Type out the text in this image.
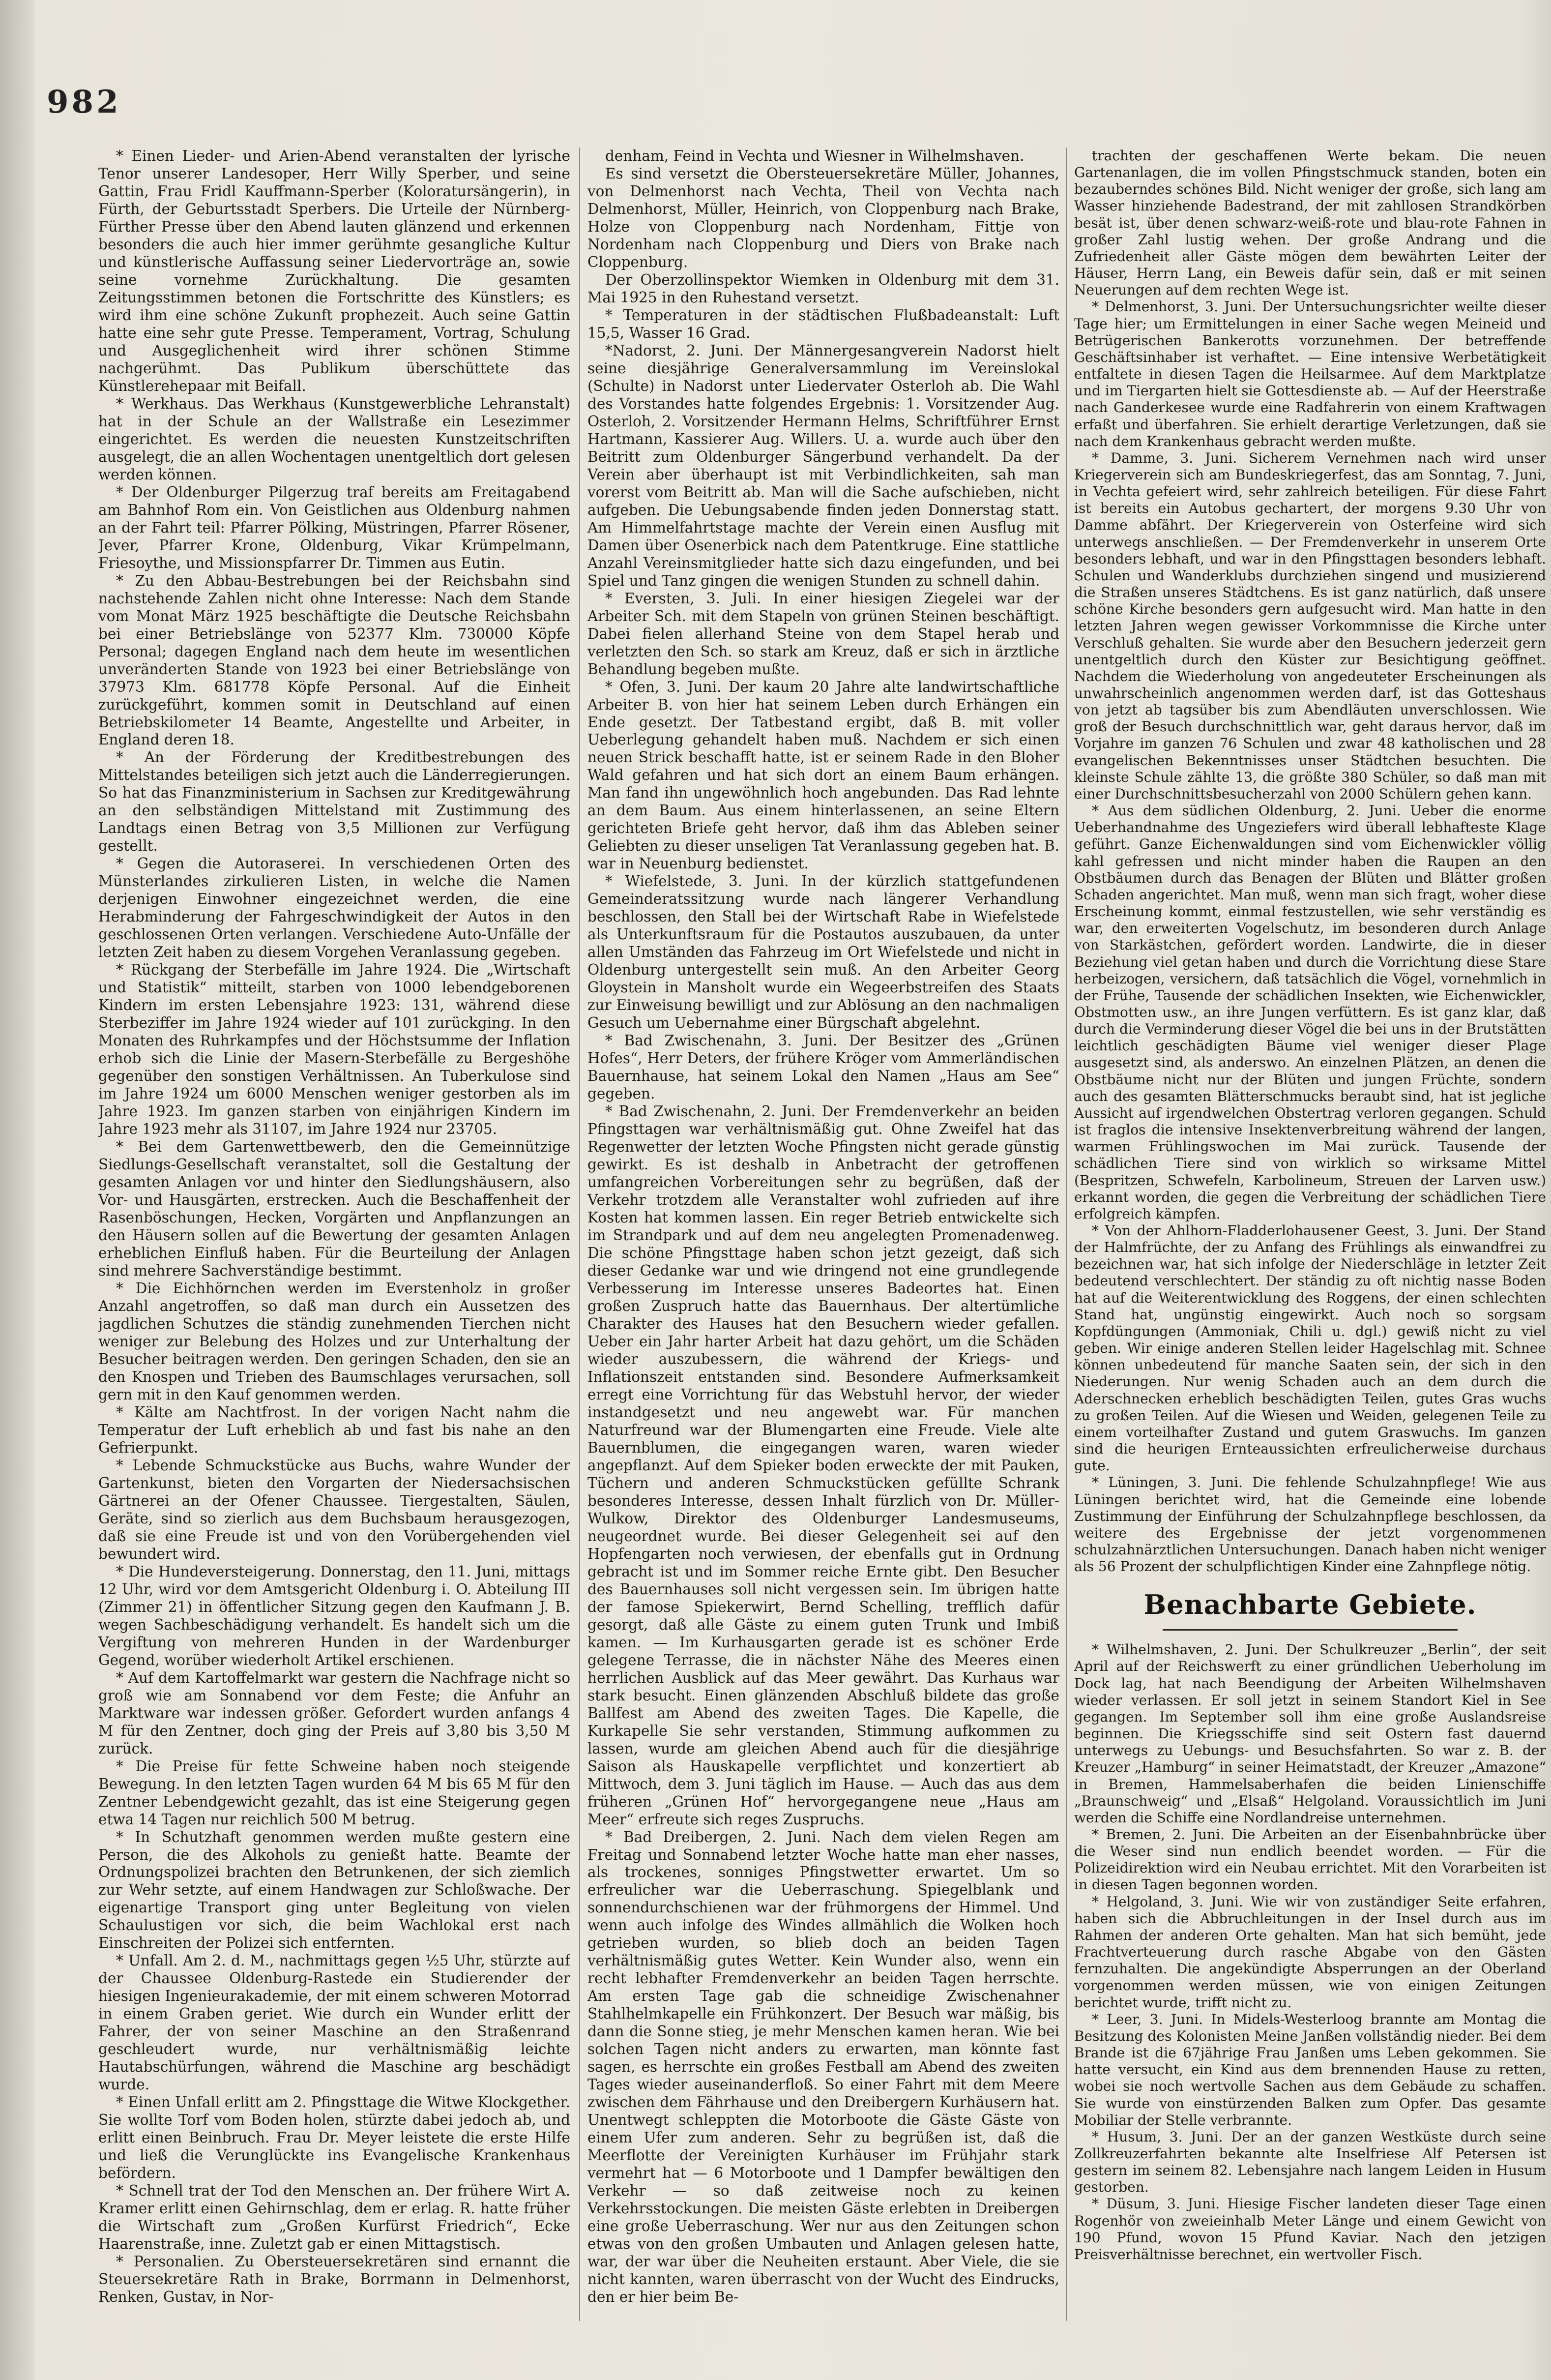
982

* Einen Lieder- und Arien-Abend veranstalten der lyrische Tenor unserer Landesoper, Herr Willy Sperber, und seine Gattin, Frau Fridl Kauffmann-Sperber (Koloratursängerin), in Fürth, der Geburtsstadt Sperbers. Die Urteile der Nürnberg-Fürther Presse über den Abend lauten glänzend und erkennen besonders die auch hier immer gerühmte gesangliche Kultur und künstlerische Auffassung seiner Liedervorträge an, sowie seine vornehme Zurückhaltung. Die gesamten Zeitungsstimmen betonen die Fortschritte des Künstlers; es wird ihm eine schöne Zukunft prophezeit. Auch seine Gattin hatte eine sehr gute Presse. Temperament, Vortrag, Schulung und Ausgeglichenheit wird ihrer schönen Stimme nachgerühmt. Das Publikum überschüttete das Künstlerehepaar mit Beifall.

* Werkhaus. Das Werkhaus (Kunstgewerbliche Lehranstalt) hat in der Schule an der Wallstraße ein Lesezimmer eingerichtet. Es werden die neuesten Kunstzeitschriften ausgelegt, die an allen Wochentagen unentgeltlich dort gelesen werden können.

* Der Oldenburger Pilgerzug traf bereits am Freitagabend am Bahnhof Rom ein. Von Geistlichen aus Oldenburg nahmen an der Fahrt teil: Pfarrer Pölking, Müstringen, Pfarrer Rösener, Jever, Pfarrer Krone, Oldenburg, Vikar Krümpelmann, Friesoythe, und Missionspfarrer Dr. Timmen aus Eutin.

* Zu den Abbau-Bestrebungen bei der Reichsbahn sind nachstehende Zahlen nicht ohne Interesse: Nach dem Stande vom Monat März 1925 beschäftigte die Deutsche Reichsbahn bei einer Betriebslänge von 52377 Klm. 730000 Köpfe Personal; dagegen England nach dem heute im wesentlichen unveränderten Stande von 1923 bei einer Betriebslänge von 37973 Klm. 681778 Köpfe Personal. Auf die Einheit zurückgeführt, kommen somit in Deutschland auf einen Betriebskilometer 14 Beamte, Angestellte und Arbeiter, in England deren 18.

* An der Förderung der Kreditbestrebungen des Mittelstandes beteiligen sich jetzt auch die Länderregierungen. So hat das Finanzministerium in Sachsen zur Kreditgewährung an den selbständigen Mittelstand mit Zustimmung des Landtags einen Betrag von 3,5 Millionen zur Verfügung gestellt.

* Gegen die Autoraserei. In verschiedenen Orten des Münsterlandes zirkulieren Listen, in welche die Namen derjenigen Einwohner eingezeichnet werden, die eine Herabminderung der Fahrgeschwindigkeit der Autos in den geschlossenen Orten verlangen. Verschiedene Auto-Unfälle der letzten Zeit haben zu diesem Vorgehen Veranlassung gegeben.

* Rückgang der Sterbefälle im Jahre 1924. Die „Wirtschaft und Statistik“ mitteilt, starben von 1000 lebendgeborenen Kindern im ersten Lebensjahre 1923: 131, während diese Sterbeziffer im Jahre 1924 wieder auf 101 zurückging. In den Monaten des Ruhrkampfes und der Höchstsumme der Inflation erhob sich die Linie der Masern-Sterbefälle zu Bergeshöhe gegenüber den sonstigen Verhältnissen. An Tuberkulose sind im Jahre 1924 um 6000 Menschen weniger gestorben als im Jahre 1923. Im ganzen starben von einjährigen Kindern im Jahre 1923 mehr als 31107, im Jahre 1924 nur 23705.

* Bei dem Gartenwettbewerb, den die Gemeinnützige Siedlungs-Gesellschaft veranstaltet, soll die Gestaltung der gesamten Anlagen vor und hinter den Siedlungshäusern, also Vor- und Hausgärten, erstrecken. Auch die Beschaffenheit der Rasenböschungen, Hecken, Vorgärten und Anpflanzungen an den Häusern sollen auf die Bewertung der gesamten Anlagen erheblichen Einfluß haben. Für die Beurteilung der Anlagen sind mehrere Sachverständige bestimmt.

* Die Eichhörnchen werden im Everstenholz in großer Anzahl angetroffen, so daß man durch ein Aussetzen des jagdlichen Schutzes die ständig zunehmenden Tierchen nicht weniger zur Belebung des Holzes und zur Unterhaltung der Besucher beitragen werden. Den geringen Schaden, den sie an den Knospen und Trieben des Baumschlages verursachen, soll gern mit in den Kauf genommen werden.

* Kälte am Nachtfrost. In der vorigen Nacht nahm die Temperatur der Luft erheblich ab und fast bis nahe an den Gefrierpunkt.

* Lebende Schmuckstücke aus Buchs, wahre Wunder der Gartenkunst, bieten den Vorgarten der Niedersachsischen Gärtnerei an der Ofener Chaussee. Tiergestalten, Säulen, Geräte, sind so zierlich aus dem Buchsbaum herausgezogen, daß sie eine Freude ist und von den Vorübergehenden viel bewundert wird.

* Die Hundeversteigerung. Donnerstag, den 11. Juni, mittags 12 Uhr, wird vor dem Amtsgericht Oldenburg i. O. Abteilung III (Zimmer 21) in öffentlicher Sitzung gegen den Kaufmann J. B. wegen Sachbeschädigung verhandelt. Es handelt sich um die Vergiftung von mehreren Hunden in der Wardenburger Gegend, worüber wiederholt Artikel erschienen.

* Auf dem Kartoffelmarkt war gestern die Nachfrage nicht so groß wie am Sonnabend vor dem Feste; die Anfuhr an Marktware war indessen größer. Gefordert wurden anfangs 4 M für den Zentner, doch ging der Preis auf 3,80 bis 3,50 M zurück.

* Die Preise für fette Schweine haben noch steigende Bewegung. In den letzten Tagen wurden 64 M bis 65 M für den Zentner Lebendgewicht gezahlt, das ist eine Steigerung gegen etwa 14 Tagen nur reichlich 500 M betrug.

* In Schutzhaft genommen werden mußte gestern eine Person, die des Alkohols zu genießt hatte. Beamte der Ordnungspolizei brachten den Betrunkenen, der sich ziemlich zur Wehr setzte, auf einem Handwagen zur Schloßwache. Der eigenartige Transport ging unter Begleitung von vielen Schaulustigen vor sich, die beim Wachlokal erst nach Einschreiten der Polizei sich entfernten.

* Unfall. Am 2. d. M., nachmittags gegen ½5 Uhr, stürzte auf der Chaussee Oldenburg-Rastede ein Studierender der hiesigen Ingenieurakademie, der mit einem schweren Motorrad in einem Graben geriet. Wie durch ein Wunder erlitt der Fahrer, der von seiner Maschine an den Straßenrand geschleudert wurde, nur verhältnismäßig leichte Hautabschürfungen, während die Maschine arg beschädigt wurde.

* Einen Unfall erlitt am 2. Pfingsttage die Witwe Klockgether. Sie wollte Torf vom Boden holen, stürzte dabei jedoch ab, und erlitt einen Beinbruch. Frau Dr. Meyer leistete die erste Hilfe und ließ die Verunglückte ins Evangelische Krankenhaus befördern.

* Schnell trat der Tod den Menschen an. Der frühere Wirt A. Kramer erlitt einen Gehirnschlag, dem er erlag. R. hatte früher die Wirtschaft zum „Großen Kurfürst Friedrich“, Ecke Haarenstraße, inne. Zuletzt gab er einen Mittagstisch.

* Personalien. Zu Obersteuersekretären sind ernannt die Steuersekretäre Rath in Brake, Borrmann in Delmenhorst, Renken, Gustav, in Nor-

denham, Feind in Vechta und Wiesner in Wilhelmshaven.

Es sind versetzt die Obersteuersekretäre Müller, Johannes, von Delmenhorst nach Vechta, Theil von Vechta nach Delmenhorst, Müller, Heinrich, von Cloppenburg nach Brake, Holze von Cloppenburg nach Nordenham, Fittje von Nordenham nach Cloppenburg und Diers von Brake nach Cloppenburg.

Der Oberzollinspektor Wiemken in Oldenburg mit dem 31. Mai 1925 in den Ruhestand versetzt.

* Temperaturen in der städtischen Flußbadeanstalt: Luft 15,5, Wasser 16 Grad.

*Nadorst, 2. Juni. Der Männergesangverein Nadorst hielt seine diesjährige Generalversammlung im Vereinslokal (Schulte) in Nadorst unter Liedervater Osterloh ab. Die Wahl des Vorstandes hatte folgendes Ergebnis: 1. Vorsitzender Aug. Osterloh, 2. Vorsitzender Hermann Helms, Schriftführer Ernst Hartmann, Kassierer Aug. Willers. U. a. wurde auch über den Beitritt zum Oldenburger Sängerbund verhandelt. Da der Verein aber überhaupt ist mit Verbindlichkeiten, sah man vorerst vom Beitritt ab. Man will die Sache aufschieben, nicht aufgeben. Die Uebungsabende finden jeden Donnerstag statt. Am Himmelfahrtstage machte der Verein einen Ausflug mit Damen über Osenerbick nach dem Patentkruge. Eine stattliche Anzahl Vereinsmitglieder hatte sich dazu eingefunden, und bei Spiel und Tanz gingen die wenigen Stunden zu schnell dahin.

* Eversten, 3. Juli. In einer hiesigen Ziegelei war der Arbeiter Sch. mit dem Stapeln von grünen Steinen beschäftigt. Dabei fielen allerhand Steine von dem Stapel herab und verletzten den Sch. so stark am Kreuz, daß er sich in ärztliche Behandlung begeben mußte.

* Ofen, 3. Juni. Der kaum 20 Jahre alte landwirtschaftliche Arbeiter B. von hier hat seinem Leben durch Erhängen ein Ende gesetzt. Der Tatbestand ergibt, daß B. mit voller Ueberlegung gehandelt haben muß. Nachdem er sich einen neuen Strick beschafft hatte, ist er seinem Rade in den Bloher Wald gefahren und hat sich dort an einem Baum erhängen. Man fand ihn ungewöhnlich hoch angebunden. Das Rad lehnte an dem Baum. Aus einem hinterlassenen, an seine Eltern gerichteten Briefe geht hervor, daß ihm das Ableben seiner Geliebten zu dieser unseligen Tat Veranlassung gegeben hat. B. war in Neuenburg bedienstet.

* Wiefelstede, 3. Juni. In der kürzlich stattgefundenen Gemeinderatssitzung wurde nach längerer Verhandlung beschlossen, den Stall bei der Wirtschaft Rabe in Wiefelstede als Unterkunftsraum für die Postautos auszubauen, da unter allen Umständen das Fahrzeug im Ort Wiefelstede und nicht in Oldenburg untergestellt sein muß. An den Arbeiter Georg Gloystein in Mansholt wurde ein Wegeerbstreifen des Staats zur Einweisung bewilligt und zur Ablösung an den nachmaligen Gesuch um Uebernahme einer Bürgschaft abgelehnt.

* Bad Zwischenahn, 3. Juni. Der Besitzer des „Grünen Hofes“, Herr Deters, der frühere Kröger vom Ammerländischen Bauernhause, hat seinem Lokal den Namen „Haus am See“ gegeben.

* Bad Zwischenahn, 2. Juni. Der Fremdenverkehr an beiden Pfingsttagen war verhältnismäßig gut. Ohne Zweifel hat das Regenwetter der letzten Woche Pfingsten nicht gerade günstig gewirkt. Es ist deshalb in Anbetracht der getroffenen umfangreichen Vorbereitungen sehr zu begrüßen, daß der Verkehr trotzdem alle Veranstalter wohl zufrieden auf ihre Kosten hat kommen lassen. Ein reger Betrieb entwickelte sich im Strandpark und auf dem neu angelegten Promenadenweg. Die schöne Pfingsttage haben schon jetzt gezeigt, daß sich dieser Gedanke war und wie dringend not eine grundlegende Verbesserung im Interesse unseres Badeortes hat. Einen großen Zuspruch hatte das Bauernhaus. Der altertümliche Charakter des Hauses hat den Besuchern wieder gefallen. Ueber ein Jahr harter Arbeit hat dazu gehört, um die Schäden wieder auszubessern, die während der Kriegs- und Inflationszeit entstanden sind. Besondere Aufmerksamkeit erregt eine Vorrichtung für das Webstuhl hervor, der wieder instandgesetzt und neu angewebt war. Für manchen Naturfreund war der Blumengarten eine Freude. Viele alte Bauernblumen, die eingegangen waren, waren wieder angepflanzt. Auf dem Spieker boden erweckte der mit Pauken, Tüchern und anderen Schmuckstücken gefüllte Schrank besonderes Interesse, dessen Inhalt fürzlich von Dr. Müller-Wulkow, Direktor des Oldenburger Landesmuseums, neugeordnet wurde. Bei dieser Gelegenheit sei auf den Hopfengarten noch verwiesen, der ebenfalls gut in Ordnung gebracht ist und im Sommer reiche Ernte gibt. Den Besucher des Bauernhauses soll nicht vergessen sein. Im übrigen hatte der famose Spiekerwirt, Bernd Schelling, trefflich dafür gesorgt, daß alle Gäste zu einem guten Trunk und Imbiß kamen. — Im Kurhausgarten gerade ist es schöner Erde gelegene Terrasse, die in nächster Nähe des Meeres einen herrlichen Ausblick auf das Meer gewährt. Das Kurhaus war stark besucht. Einen glänzenden Abschluß bildete das große Ballfest am Abend des zweiten Tages. Die Kapelle, die Kurkapelle Sie sehr verstanden, Stimmung aufkommen zu lassen, wurde am gleichen Abend auch für die diesjährige Saison als Hauskapelle verpflichtet und konzertiert ab Mittwoch, dem 3. Juni täglich im Hause. — Auch das aus dem früheren „Grünen Hof“ hervorgegangene neue „Haus am Meer“ erfreute sich reges Zuspruchs.

* Bad Dreibergen, 2. Juni. Nach dem vielen Regen am Freitag und Sonnabend letzter Woche hatte man eher nasses, als trockenes, sonniges Pfingstwetter erwartet. Um so erfreulicher war die Ueberraschung. Spiegelblank und sonnendurchschienen war der frühmorgens der Himmel. Und wenn auch infolge des Windes allmählich die Wolken hoch getrieben wurden, so blieb doch an beiden Tagen verhältnismäßig gutes Wetter. Kein Wunder also, wenn ein recht lebhafter Fremdenverkehr an beiden Tagen herrschte. Am ersten Tage gab die schneidige Zwischenahner Stahlhelmkapelle ein Frühkonzert. Der Besuch war mäßig, bis dann die Sonne stieg, je mehr Menschen kamen heran. Wie bei solchen Tagen nicht anders zu erwarten, man könnte fast sagen, es herrschte ein großes Festball am Abend des zweiten Tages wieder auseinanderfloß. So einer Fahrt mit dem Meere zwischen dem Fährhause und den Dreibergern Kurhäusern hat. Unentwegt schleppten die Motorboote die Gäste Gäste von einem Ufer zum anderen. Sehr zu begrüßen ist, daß die Meerflotte der Vereinigten Kurhäuser im Frühjahr stark vermehrt hat — 6 Motorboote und 1 Dampfer bewältigen den Verkehr — so daß zeitweise noch zu keinen Verkehrsstockungen. Die meisten Gäste erlebten in Dreibergen eine große Ueberraschung. Wer nur aus den Zeitungen schon etwas von den großen Umbauten und Anlagen gelesen hatte, war, der war über die Neuheiten erstaunt. Aber Viele, die sie nicht kannten, waren überrascht von der Wucht des Eindrucks, den er hier beim Be-

trachten der geschaffenen Werte bekam. Die neuen Gartenanlagen, die im vollen Pfingstschmuck standen, boten ein bezauberndes schönes Bild. Nicht weniger der große, sich lang am Wasser hinziehende Badestrand, der mit zahllosen Strandkörben besät ist, über denen schwarz-weiß-rote und blau-rote Fahnen in großer Zahl lustig wehen. Der große Andrang und die Zufriedenheit aller Gäste mögen dem bewährten Leiter der Häuser, Herrn Lang, ein Beweis dafür sein, daß er mit seinen Neuerungen auf dem rechten Wege ist.

* Delmenhorst, 3. Juni. Der Untersuchungsrichter weilte dieser Tage hier; um Ermittelungen in einer Sache wegen Meineid und Betrügerischen Bankerotts vorzunehmen. Der betreffende Geschäftsinhaber ist verhaftet. — Eine intensive Werbetätigkeit entfaltete in diesen Tagen die Heilsarmee. Auf dem Marktplatze und im Tiergarten hielt sie Gottesdienste ab. — Auf der Heerstraße nach Ganderkesee wurde eine Radfahrerin von einem Kraftwagen erfaßt und überfahren. Sie erhielt derartige Verletzungen, daß sie nach dem Krankenhaus gebracht werden mußte.

* Damme, 3. Juni. Sicherem Vernehmen nach wird unser Kriegerverein sich am Bundeskriegerfest, das am Sonntag, 7. Juni, in Vechta gefeiert wird, sehr zahlreich beteiligen. Für diese Fahrt ist bereits ein Autobus gechartert, der morgens 9.30 Uhr von Damme abfährt. Der Kriegerverein von Osterfeine wird sich unterwegs anschließen. — Der Fremdenverkehr in unserem Orte besonders lebhaft, und war in den Pfingsttagen besonders lebhaft. Schulen und Wanderklubs durchziehen singend und musizierend die Straßen unseres Städtchens. Es ist ganz natürlich, daß unsere schöne Kirche besonders gern aufgesucht wird. Man hatte in den letzten Jahren wegen gewisser Vorkommnisse die Kirche unter Verschluß gehalten. Sie wurde aber den Besuchern jederzeit gern unentgeltlich durch den Küster zur Besichtigung geöffnet. Nachdem die Wiederholung von angedeuteter Erscheinungen als unwahrscheinlich angenommen werden darf, ist das Gotteshaus von jetzt ab tagsüber bis zum Abendläuten unverschlossen. Wie groß der Besuch durchschnittlich war, geht daraus hervor, daß im Vorjahre im ganzen 76 Schulen und zwar 48 katholischen und 28 evangelischen Bekenntnisses unser Städtchen besuchten. Die kleinste Schule zählte 13, die größte 380 Schüler, so daß man mit einer Durchschnittsbesucherzahl von 2000 Schülern gehen kann.

* Aus dem südlichen Oldenburg, 2. Juni. Ueber die enorme Ueberhandnahme des Ungeziefers wird überall lebhafteste Klage geführt. Ganze Eichenwaldungen sind vom Eichenwickler völlig kahl gefressen und nicht minder haben die Raupen an den Obstbäumen durch das Benagen der Blüten und Blätter großen Schaden angerichtet. Man muß, wenn man sich fragt, woher diese Erscheinung kommt, einmal festzustellen, wie sehr verständig es war, den erweiterten Vogelschutz, im besonderen durch Anlage von Starkästchen, gefördert worden. Landwirte, die in dieser Beziehung viel getan haben und durch die Vorrichtung diese Stare herbeizogen, versichern, daß tatsächlich die Vögel, vornehmlich in der Frühe, Tausende der schädlichen Insekten, wie Eichenwickler, Obstmotten usw., an ihre Jungen verfüttern. Es ist ganz klar, daß durch die Verminderung dieser Vögel die bei uns in der Brutstätten leichtlich geschädigten Bäume viel weniger dieser Plage ausgesetzt sind, als anderswo. An einzelnen Plätzen, an denen die Obstbäume nicht nur der Blüten und jungen Früchte, sondern auch des gesamten Blätterschmucks beraubt sind, hat ist jegliche Aussicht auf irgendwelchen Obstertrag verloren gegangen. Schuld ist fraglos die intensive Insektenverbreitung während der langen, warmen Frühlingswochen im Mai zurück. Tausende der schädlichen Tiere sind von wirklich so wirksame Mittel (Bespritzen, Schwefeln, Karbolineum, Streuen der Larven usw.) erkannt worden, die gegen die Verbreitung der schädlichen Tiere erfolgreich kämpfen.

* Von der Ahlhorn-Fladderlohausener Geest, 3. Juni. Der Stand der Halmfrüchte, der zu Anfang des Frühlings als einwandfrei zu bezeichnen war, hat sich infolge der Niederschläge in letzter Zeit bedeutend verschlechtert. Der ständig zu oft nichtig nasse Boden hat auf die Weiterentwicklung des Roggens, der einen schlechten Stand hat, ungünstig eingewirkt. Auch noch so sorgsam Kopfdüngungen (Ammoniak, Chili u. dgl.) gewiß nicht zu viel geben. Wir einige anderen Stellen leider Hagelschlag mit. Schnee können unbedeutend für manche Saaten sein, der sich in den Niederungen. Nur wenig Schaden auch an dem durch die Aderschnecken erheblich beschädigten Teilen, gutes Gras wuchs zu großen Teilen. Auf die Wiesen und Weiden, gelegenen Teile zu einem vorteilhafter Zustand und gutem Graswuchs. Im ganzen sind die heurigen Ernteaussichten erfreulicherweise durchaus gute.

* Lüningen, 3. Juni. Die fehlende Schulzahnpflege! Wie aus Lüningen berichtet wird, hat die Gemeinde eine lobende Zustimmung der Einführung der Schulzahnpflege beschlossen, da weitere des Ergebnisse der jetzt vorgenommenen schulzahnärztlichen Untersuchungen. Danach haben nicht weniger als 56 Prozent der schulpflichtigen Kinder eine Zahnpflege nötig.

Benachbarte Gebiete.

* Wilhelmshaven, 2. Juni. Der Schulkreuzer „Berlin“, der seit April auf der Reichswerft zu einer gründlichen Ueberholung im Dock lag, hat nach Beendigung der Arbeiten Wilhelmshaven wieder verlassen. Er soll jetzt in seinem Standort Kiel in See gegangen. Im September soll ihm eine große Auslandsreise beginnen. Die Kriegsschiffe sind seit Ostern fast dauernd unterwegs zu Uebungs- und Besuchsfahrten. So war z. B. der Kreuzer „Hamburg“ in seiner Heimatstadt, der Kreuzer „Amazone“ in Bremen, Hammelsaberhafen die beiden Linienschiffe „Braunschweig“ und „Elsaß“ Helgoland. Voraussichtlich im Juni werden die Schiffe eine Nordlandreise unternehmen.

* Bremen, 2. Juni. Die Arbeiten an der Eisenbahnbrücke über die Weser sind nun endlich beendet worden. — Für die Polizeidirektion wird ein Neubau errichtet. Mit den Vorarbeiten ist in diesen Tagen begonnen worden.

* Helgoland, 3. Juni. Wie wir von zuständiger Seite erfahren, haben sich die Abbruchleitungen in der Insel durch aus im Rahmen der anderen Orte gehalten. Man hat sich bemüht, jede Frachtverteuerung durch rasche Abgabe von den Gästen fernzuhalten. Die angekündigte Absperrungen an der Oberland vorgenommen werden müssen, wie von einigen Zeitungen berichtet wurde, trifft nicht zu.

* Leer, 3. Juni. In Midels-Westerloog brannte am Montag die Besitzung des Kolonisten Meine Janßen vollständig nieder. Bei dem Brande ist die 67jährige Frau Janßen ums Leben gekommen. Sie hatte versucht, ein Kind aus dem brennenden Hause zu retten, wobei sie noch wertvolle Sachen aus dem Gebäude zu schaffen. Sie wurde von einstürzenden Balken zum Opfer. Das gesamte Mobiliar der Stelle verbrannte.

* Husum, 3. Juni. Der an der ganzen Westküste durch seine Zollkreuzerfahrten bekannte alte Inselfriese Alf Petersen ist gestern im seinem 82. Lebensjahre nach langem Leiden in Husum gestorben.

* Düsum, 3. Juni. Hiesige Fischer landeten dieser Tage einen Rogenhör von zweieinhalb Meter Länge und einem Gewicht von 190 Pfund, wovon 15 Pfund Kaviar. Nach den jetzigen Preisverhältnisse berechnet, ein wertvoller Fisch.
